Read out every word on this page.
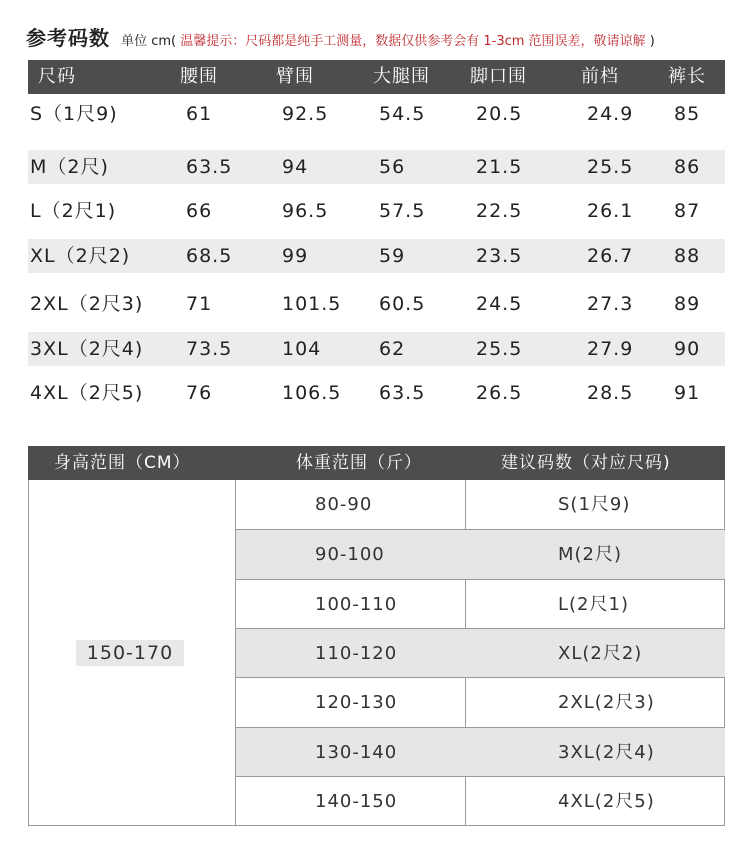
参考码数 单位 cm( 温馨提示：尺码都是纯手工测量，数据仅供参考会有 1-3cm 范围误差，敬请谅解 )
尺码	腰围	臂围	大腿围 脚口围	前档	裤长
S（1尺9)	61	92.5	54.5	20.5	24.9 85
M（2尺)	63.5	94	56	21.5	25.5 86
L（2尺1)	66	96.5	57.5	22.5	26.1 87
XL（2尺2)	68.5	99	59	23.5	26.7 88
2XL（2尺3) 71	101.5 60.5	24.5	27.3 89
3XL（2尺4) 73.5	104	62	25.5	27.9 90
4XL（2尺5) 76	106.5 63.5	26.5	28.5 91
身高范围（CM）	体重范围（斤）	建议码数（对应尺码)
150-170
80-90	S(1尺9)
90-100	M(2尺)
100-110	L(2尺1)
110-120	XL(2尺2)
120-130	2XL(2尺3)
130-140	3XL(2尺4)
140-150	4XL(2尺5)
